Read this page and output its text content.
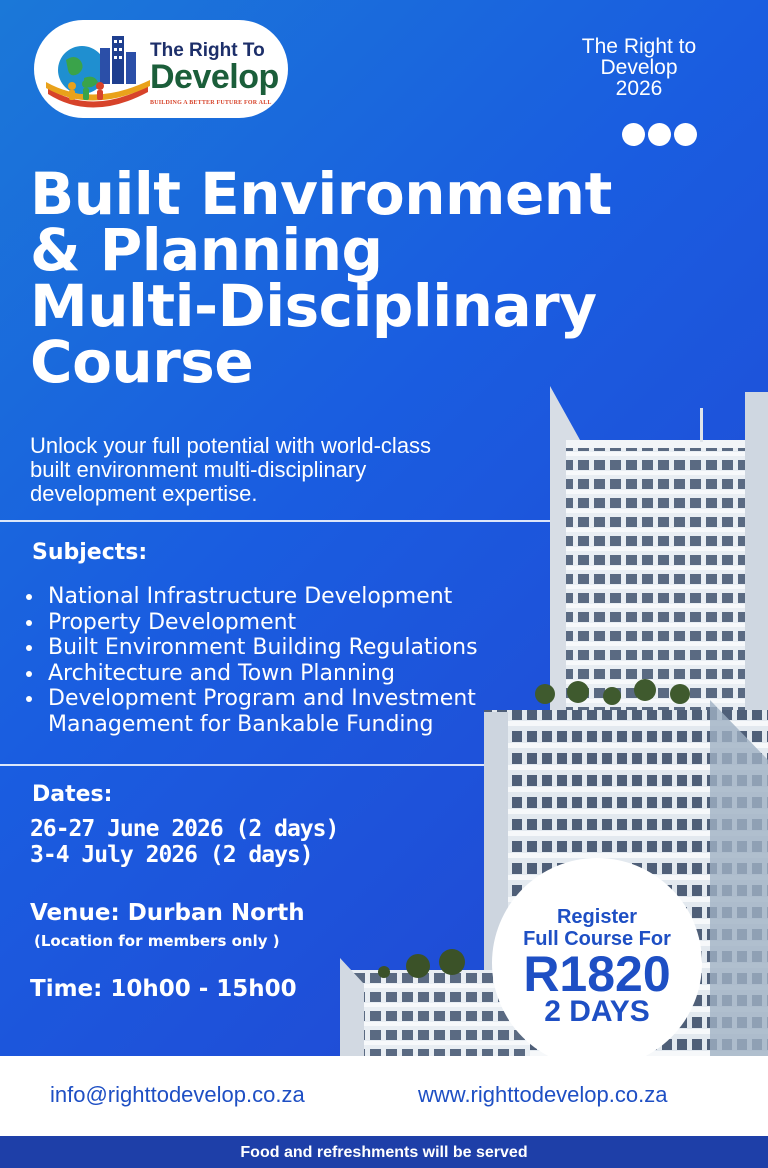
The Right To
Develop
BUILDING A BETTER FUTURE FOR ALL
The Right to
Develop
2026
Built Environment
& Planning
Multi-Disciplinary
Course
Unlock your full potential with world-class
built environment multi-disciplinary
development expertise.
Subjects:
National Infrastructure Development
Property Development
Built Environment Building Regulations
Architecture and Town Planning
Development Program and Investment
Management for Bankable Funding
Dates:
26-27 June 2026 (2 days)
3-4 July 2026 (2 days)
Venue: Durban North
(Location for members only )
Time: 10h00 - 15h00
Register
Full Course For
R1820
2 DAYS
info@righttodevelop.co.za	www.righttodevelop.co.za
Food and refreshments will be served
